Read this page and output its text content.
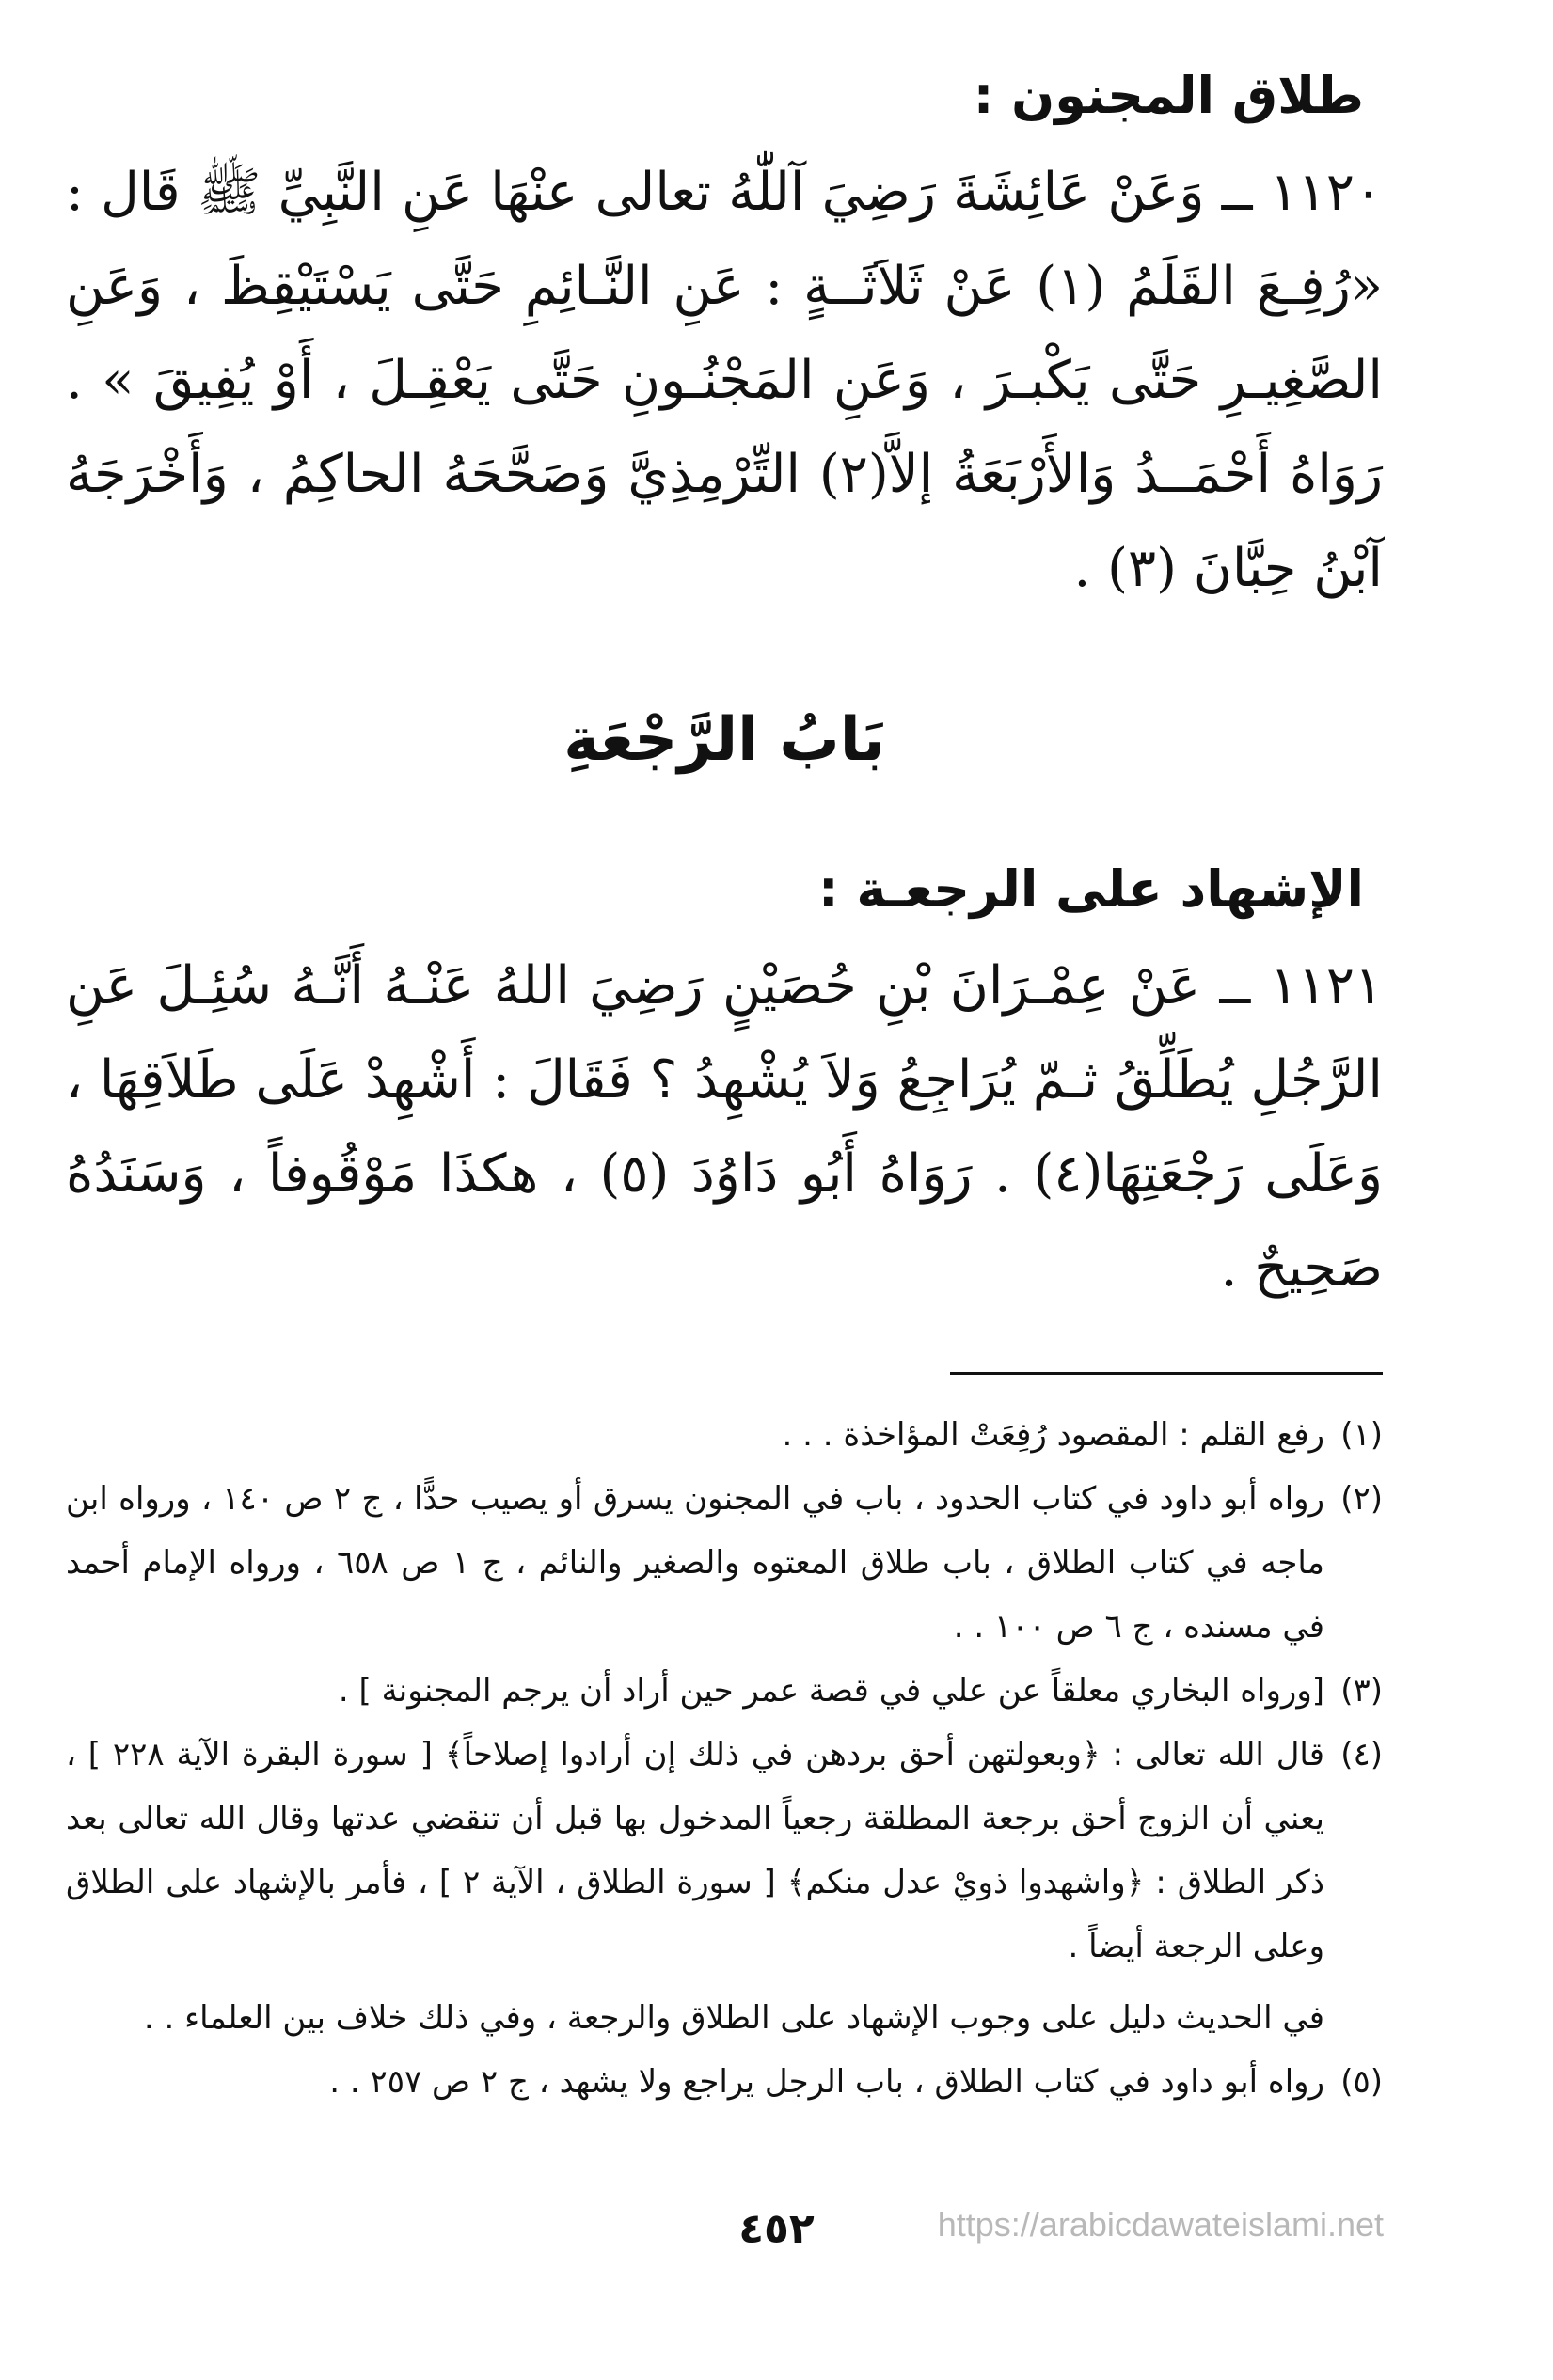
طلاق المجنون :

١١٢٠ ــ وَعَنْ عَائِشَةَ رَضِيَ آللّٰهُ تعالى عنْهَا عَنِ النَّبِيِّ ﷺ قَال : «رُفِـعَ القَلَمُ (١) عَنْ ثَلاَثَــةٍ : عَنِ النَّـائِمِ حَتَّى يَسْتَيْقِظَ ، وَعَنِ الصَّغِيـرِ حَتَّى يَكْبـرَ ، وَعَنِ المَجْنُـونِ حَتَّى يَعْقِـلَ ، أَوْ يُفِيقَ » . رَوَاهُ أَحْمَــدُ وَالأَرْبَعَةُ إلاَّ(٢) التِّرْمِذِيَّ وَصَحَّحَهُ الحاكِمُ ، وَأَخْرَجَهُ آبْنُ حِبَّانَ (٣) .

بَابُ الرَّجْعَةِ
الإشهاد على الرجعـة :

١١٢١ ــ عَنْ عِمْـرَانَ بْنِ حُصَيْنٍ رَضِيَ اللهُ عَنْـهُ أَنَّـهُ سُئِـلَ عَنِ الرَّجُلِ يُطَلِّقُ ثـمّ يُرَاجِعُ وَلاَ يُشْهِدُ ؟ فَقَالَ : أَشْهِدْ عَلَى طَلاَقِهَا ، وَعَلَى رَجْعَتِهَا(٤) . رَوَاهُ أَبُو دَاوُدَ (٥) ، هكذَا مَوْقُوفاً ، وَسَنَدُهُ صَحِيحٌ .

(١)رفع القلم : المقصود رُفِعَتْ المؤاخذة . . .

(٢)رواه أبو داود في كتاب الحدود ، باب في المجنون يسرق أو يصيب حدًّا ، ج ٢ ص ١٤٠ ، ورواه ابن ماجه في كتاب الطلاق ، باب طلاق المعتوه والصغير والنائم ، ج ١ ص ٦٥٨ ، ورواه الإمام أحمد في مسنده ، ج ٦ ص ١٠٠ . .

(٣)[ورواه البخاري معلقاً عن علي في قصة عمر حين أراد أن يرجم المجنونة ] .

(٤)قال الله تعالى : ﴿وبعولتهن أحق بردهن في ذلك إن أرادوا إصلاحاً﴾ [ سورة البقرة الآية ٢٢٨ ] ، يعني أن الزوج أحق برجعة المطلقة رجعياً المدخول بها قبل أن تنقضي عدتها وقال الله تعالى بعد ذكر الطلاق : ﴿واشهدوا ذويْ عدل منكم﴾ [ سورة الطلاق ، الآية ٢ ] ، فأمر بالإشهاد على الطلاق وعلى الرجعة أيضاً .

في الحديث دليل على وجوب الإشهاد على الطلاق والرجعة ، وفي ذلك خلاف بين العلماء . .

(٥)رواه أبو داود في كتاب الطلاق ، باب الرجل يراجع ولا يشهد ، ج ٢ ص ٢٥٧ . .

٤٥٢	https://arabicdawateislami.net
